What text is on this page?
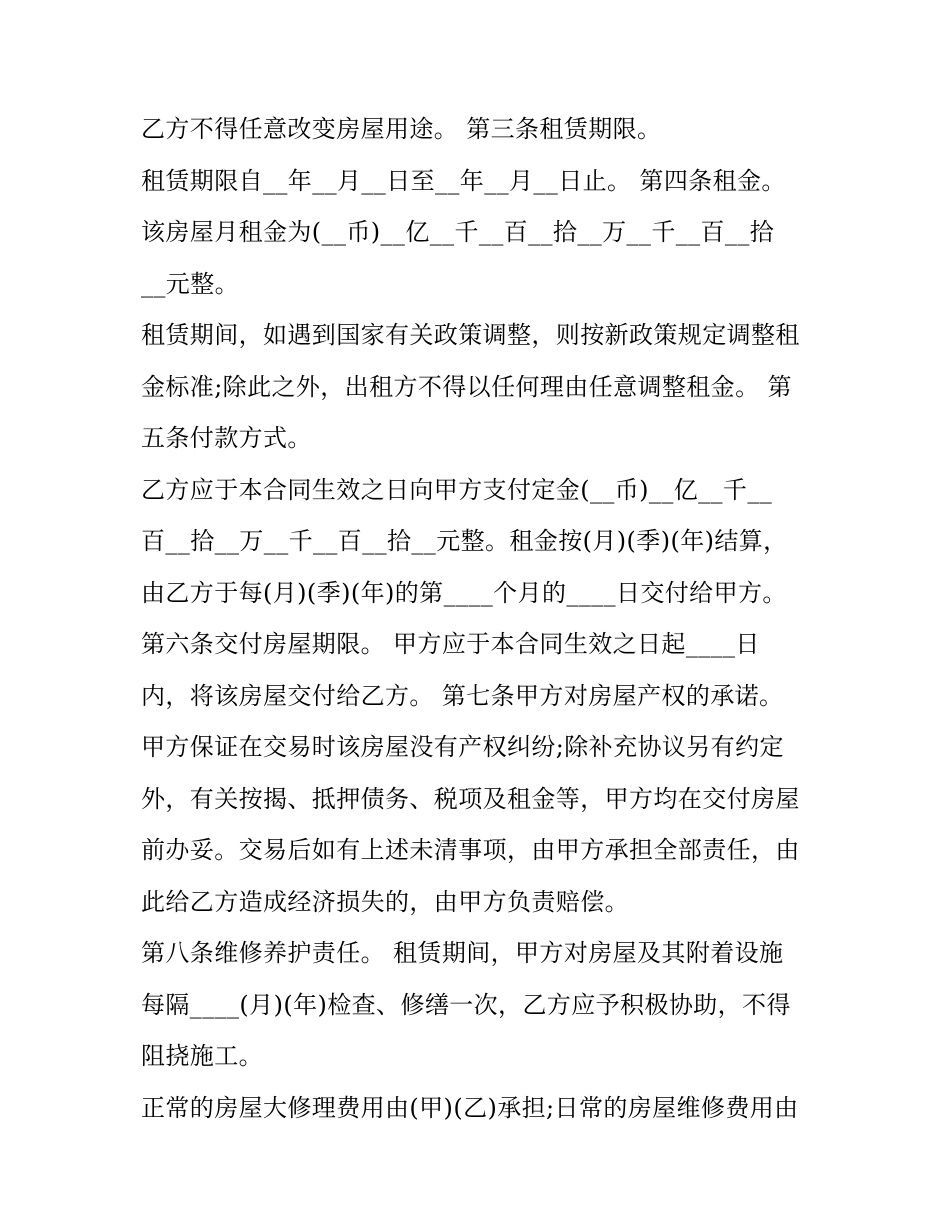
乙方不得任意改变房屋用途。 第三条租赁期限。
租赁期限自__年__月__日至__年__月__日止。 第四条租金。
该房屋月租金为(__币)__亿__千__百__拾__万__千__百__拾
__元整。
租赁期间，如遇到国家有关政策调整，则按新政策规定调整租
金标准;除此之外，出租方不得以任何理由任意调整租金。 第
五条付款方式。
乙方应于本合同生效之日向甲方支付定金(__币)__亿__千__
百__拾__万__千__百__拾__元整。租金按(月)(季)(年)结算，
由乙方于每(月)(季)(年)的第____个月的____日交付给甲方。
第六条交付房屋期限。 甲方应于本合同生效之日起____日
内，将该房屋交付给乙方。 第七条甲方对房屋产权的承诺。
甲方保证在交易时该房屋没有产权纠纷;除补充协议另有约定
外，有关按揭、抵押债务、税项及租金等，甲方均在交付房屋
前办妥。交易后如有上述未清事项，由甲方承担全部责任，由
此给乙方造成经济损失的，由甲方负责赔偿。
第八条维修养护责任。 租赁期间，甲方对房屋及其附着设施
每隔____(月)(年)检查、修缮一次，乙方应予积极协助，不得
阻挠施工。
正常的房屋大修理费用由(甲)(乙)承担;日常的房屋维修费用由
